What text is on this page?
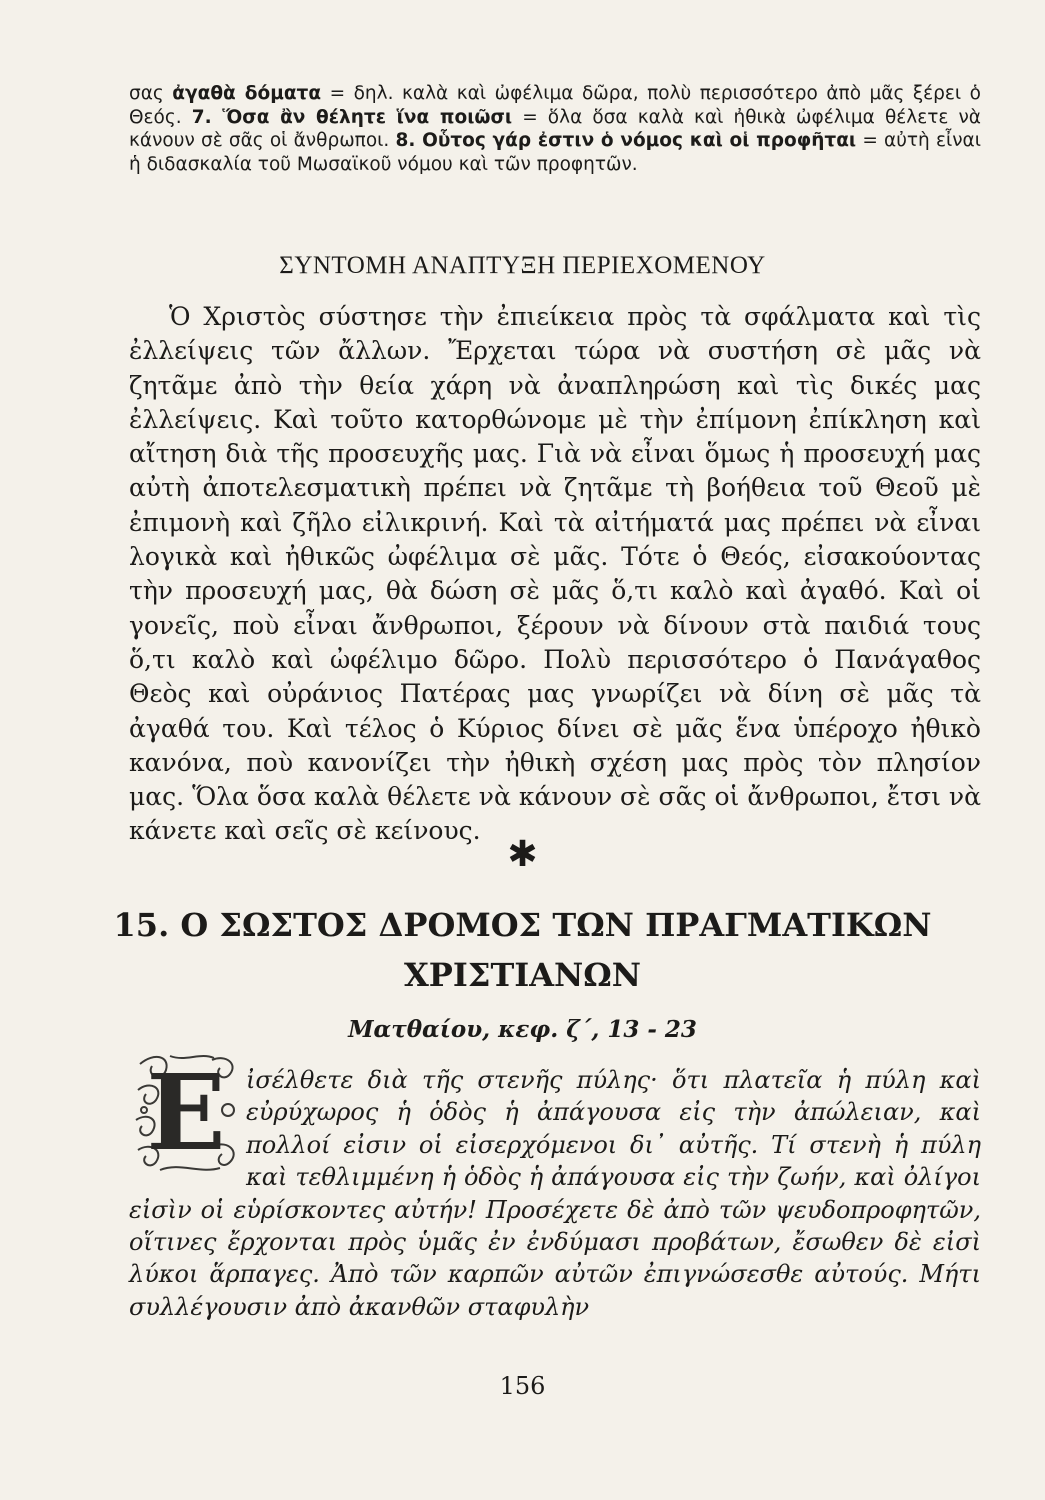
σας ἀγαθὰ δόματα = δηλ. καλὰ καὶ ὠφέλιμα δῶρα, πολὺ περισσότερο ἀπὸ μᾶς ξέρει ὁ Θεός. 7. Ὅσα ἂν θέλητε ἵνα ποιῶσι = ὅλα ὅσα καλὰ καὶ ἠθικὰ ὠφέλιμα θέλετε νὰ κάνουν σὲ σᾶς οἱ ἄνθρωποι. 8. Οὗτος γάρ ἐστιν ὁ νόμος καὶ οἱ προφῆται = αὐτὴ εἶναι ἡ διδασκαλία τοῦ Μωσαϊκοῦ νόμου καὶ τῶν προφητῶν.
ΣΥΝΤΟΜΗ ΑΝΑΠΤΥΞΗ ΠΕΡΙΕΧΟΜΕΝΟΥ

Ὁ Χριστὸς σύστησε τὴν ἐπιείκεια πρὸς τὰ σφάλματα καὶ τὶς ἐλλείψεις τῶν ἄλλων. Ἔρχεται τώρα νὰ συστήση σὲ μᾶς νὰ ζητᾶμε ἀπὸ τὴν θεία χάρη νὰ ἀναπληρώση καὶ τὶς δικές μας ἐλλείψεις. Καὶ τοῦτο κατορθώνομε μὲ τὴν ἐπίμονη ἐπίκληση καὶ αἴτηση διὰ τῆς προσευχῆς μας. Γιὰ νὰ εἶναι ὅμως ἡ προσευχή μας αὐτὴ ἀποτελεσματικὴ πρέπει νὰ ζητᾶμε τὴ βοήθεια τοῦ Θεοῦ μὲ ἐπιμονὴ καὶ ζῆλο εἰλικρινή. Καὶ τὰ αἰτήματά μας πρέπει νὰ εἶναι λογικὰ καὶ ἠθικῶς ὠφέλιμα σὲ μᾶς. Τότε ὁ Θεός, εἰσακούοντας τὴν προσευχή μας, θὰ δώση σὲ μᾶς ὅ,τι καλὸ καὶ ἀγαθό. Καὶ οἱ γονεῖς, ποὺ εἶναι ἄνθρωποι, ξέρουν νὰ δίνουν στὰ παιδιά τους ὅ,τι καλὸ καὶ ὠφέλιμο δῶρο. Πολὺ περισσότερο ὁ Πανάγαθος Θεὸς καὶ οὐράνιος Πατέρας μας γνωρίζει νὰ δίνη σὲ μᾶς τὰ ἀγαθά του. Καὶ τέλος ὁ Κύριος δίνει σὲ μᾶς ἕνα ὑπέροχο ἠθικὸ κανόνα, ποὺ κανονίζει τὴν ἠθικὴ σχέση μας πρὸς τὸν πλησίον μας. Ὅλα ὅσα καλὰ θέλετε νὰ κάνουν σὲ σᾶς οἱ ἄνθρωποι, ἔτσι νὰ κάνετε καὶ σεῖς σὲ κείνους.

✱
15. Ο ΣΩΣΤΟΣ ΔΡΟΜΟΣ ΤΩΝ ΠΡΑΓΜΑΤΙΚΩΝ
ΧΡΙΣΤΙΑΝΩΝ
Ματθαίου, κεφ. ζ΄, 13 - 23
Ε ἰσέλθετε διὰ τῆς στενῆς πύλης· ὅτι πλατεῖα ἡ πύλη καὶ εὐρύχωρος ἡ ὁδὸς ἡ ἀπάγουσα εἰς τὴν ἀπώλειαν, καὶ πολλοί εἰσιν οἱ εἰσερχόμενοι δι᾽ αὐτῆς. Τί στενὴ ἡ πύλη καὶ τεθλιμμένη ἡ ὁδὸς ἡ ἀπάγουσα εἰς τὴν ζωήν, καὶ ὀλίγοι εἰσὶν οἱ εὑρίσκοντες αὐτήν! Προσέχετε δὲ ἀπὸ τῶν ψευδοπροφητῶν, οἵτινες ἔρχονται πρὸς ὑμᾶς ἐν ἐνδύμασι προβάτων, ἔσωθεν δὲ εἰσὶ λύκοι ἅρπαγες. Ἀπὸ τῶν καρπῶν αὐτῶν ἐπιγνώσεσθε αὐτούς. Μήτι συλλέγουσιν ἀπὸ ἀκανθῶν σταφυλὴν
156
